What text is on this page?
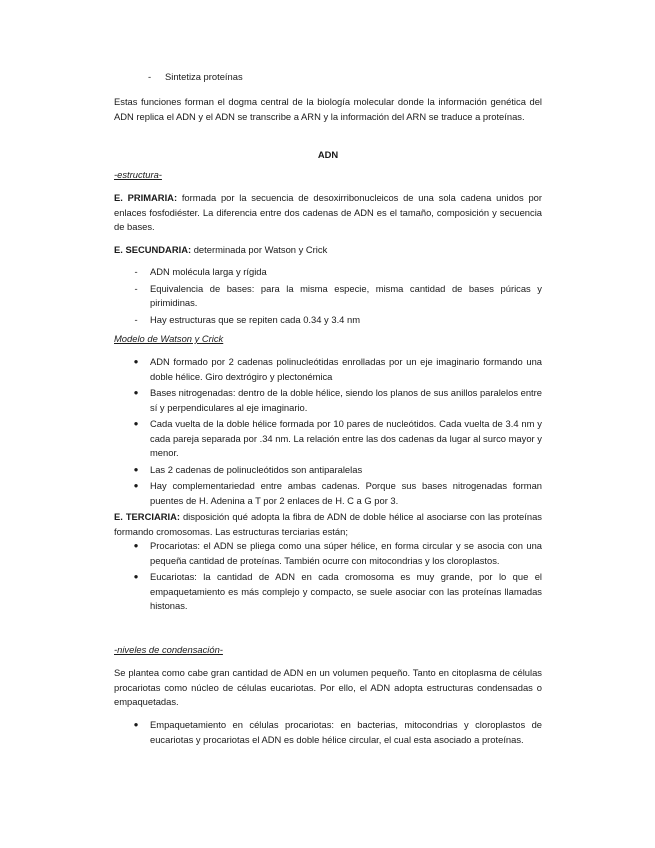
- Sintetiza proteínas

Estas funciones forman el dogma central de la biología molecular donde la información genética del ADN replica el ADN y el ADN se transcribe a ARN y la información del ARN se traduce a proteínas.

ADN

-estructura-

E. PRIMARIA: formada por la secuencia de desoxirribonucleicos de una sola cadena unidos por enlaces fosfodiéster. La diferencia entre dos cadenas de ADN es el tamaño, composición y secuencia de bases.

E. SECUNDARIA: determinada por Watson y Crick

-	ADN molécula larga y rígida
-	Equivalencia de bases: para la misma especie, misma cantidad de bases púricas y pirimidinas.
-	Hay estructuras que se repiten cada 0.34 y 3.4 nm

Modelo de Watson y Crick

●	ADN formado por 2 cadenas polinucleótidas enrolladas por un eje imaginario formando una doble hélice. Giro dextrógiro y plectonémica
●	Bases nitrogenadas: dentro de la doble hélice, siendo los planos de sus anillos paralelos entre sí y perpendiculares al eje imaginario.
●	Cada vuelta de la doble hélice formada por 10 pares de nucleótidos. Cada vuelta de 3.4 nm y cada pareja separada por .34 nm. La relación entre las dos cadenas da lugar al surco mayor y menor.
●	Las 2 cadenas de polinucleótidos son antiparalelas
●	Hay complementariedad entre ambas cadenas. Porque sus bases nitrogenadas forman puentes de H. Adenina a T por 2 enlaces de H. C a G por 3.

E. TERCIARIA: disposición qué adopta la fibra de ADN de doble hélice al asociarse con las proteínas formando cromosomas. Las estructuras terciarias están;

●	Procariotas: el ADN se pliega como una súper hélice, en forma circular y se asocia con una pequeña cantidad de proteínas. También ocurre con mitocondrias y los cloroplastos.
●	Eucariotas: la cantidad de ADN en cada cromosoma es muy grande, por lo que el empaquetamiento es más complejo y compacto, se suele asociar con las proteínas llamadas histonas.

-niveles de condensación-

Se plantea como cabe gran cantidad de ADN en un volumen pequeño. Tanto en citoplasma de células procariotas como núcleo de células eucariotas. Por ello, el ADN adopta estructuras condensadas o empaquetadas.

●	Empaquetamiento en células procariotas: en bacterias, mitocondrias y cloroplastos de eucariotas y procariotas el ADN es doble hélice circular, el cual esta asociado a proteínas.
